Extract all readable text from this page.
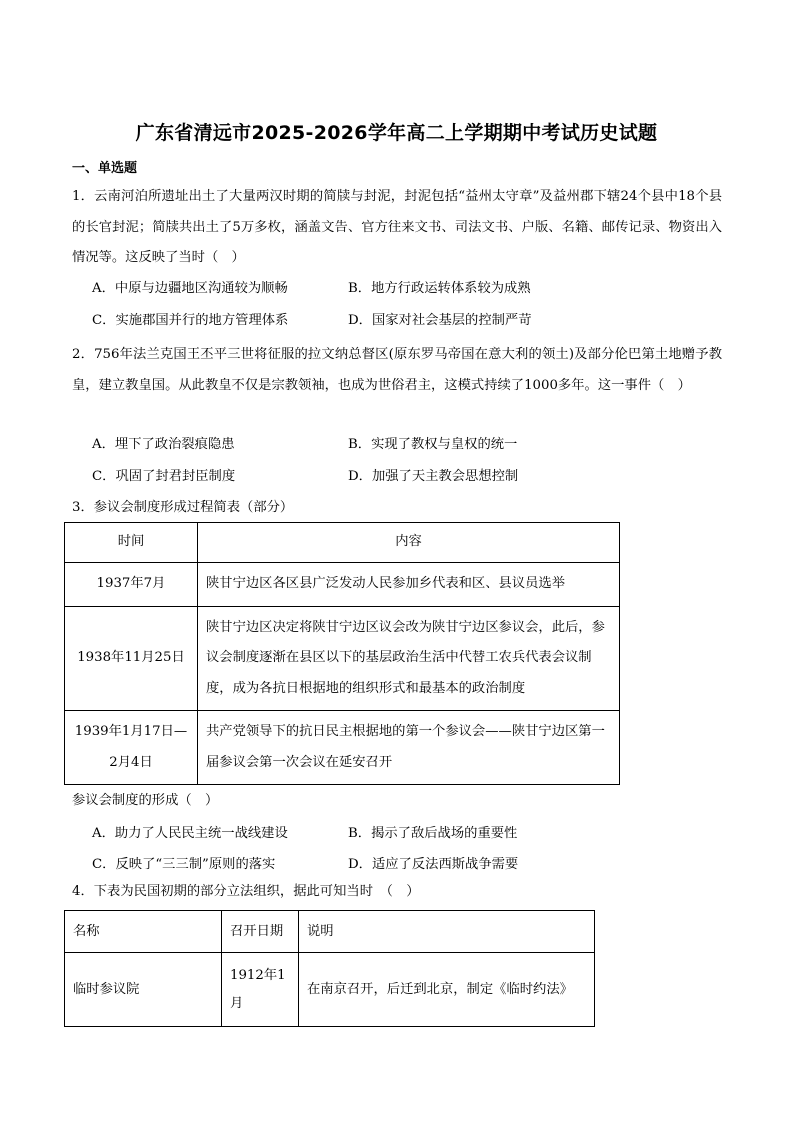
广东省清远市2025-2026学年高二上学期期中考试历史试题
一、单选题
1．云南河泊所遗址出土了大量两汉时期的简牍与封泥，封泥包括“益州太守章”及益州郡下辖24个县中18个县的长官封泥；简牍共出土了5万多枚，涵盖文告、官方往来文书、司法文书、户版、名籍、邮传记录、物资出入情况等。这反映了当时（　）
A．中原与边疆地区沟通较为顺畅	B．地方行政运转体系较为成熟
C．实施郡国并行的地方管理体系	D．国家对社会基层的控制严苛
2．756年法兰克国王丕平三世将征服的拉文纳总督区(原东罗马帝国在意大利的领土)及部分伦巴第土地赠予教皇，建立教皇国。从此教皇不仅是宗教领袖，也成为世俗君主，这模式持续了1000多年。这一事件（　）
A．埋下了政治裂痕隐患	B．实现了教权与皇权的统一
C．巩固了封君封臣制度	D．加强了天主教会思想控制
3．参议会制度形成过程简表（部分）
时间	内容
1937年7月	陕甘宁边区各区县广泛发动人民参加乡代表和区、县议员选举
1938年11月25日	陕甘宁边区决定将陕甘宁边区议会改为陕甘宁边区参议会，此后，参议会制度逐渐在县区以下的基层政治生活中代替工农兵代表会议制度，成为各抗日根据地的组织形式和最基本的政治制度
1939年1月17日—2月4日	共产党领导下的抗日民主根据地的第一个参议会——陕甘宁边区第一届参议会第一次会议在延安召开
参议会制度的形成（　）
A．助力了人民民主统一战线建设	B．揭示了敌后战场的重要性
C．反映了“三三制”原则的落实	D．适应了反法西斯战争需要
4．下表为民国初期的部分立法组织，据此可知当时　（　）
名称	召开日期	说明
临时参议院	1912年1月	在南京召开，后迁到北京，制定《临时约法》
